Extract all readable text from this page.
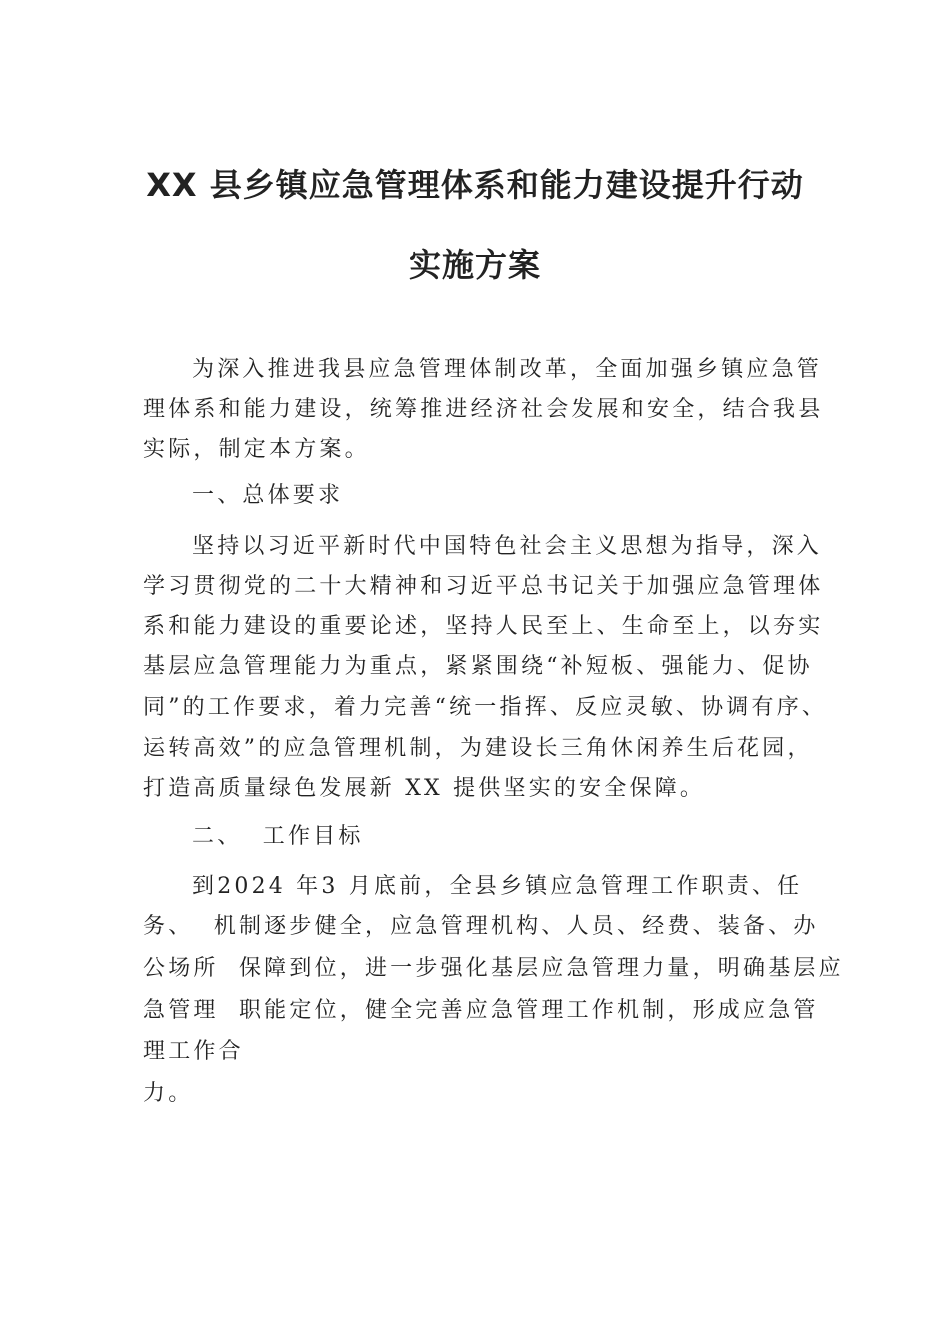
XX 县乡镇应急管理体系和能力建设提升行动
实施方案
为深入推进我县应急管理体制改革，全面加强乡镇应急管
理体系和能力建设，统筹推进经济社会发展和安全，结合我县
实际，制定本方案。
一、总体要求
坚持以习近平新时代中国特色社会主义思想为指导，深入
学习贯彻党的二十大精神和习近平总书记关于加强应急管理体
系和能力建设的重要论述，坚持人民至上、生命至上，以夯实
基层应急管理能力为重点，紧紧围绕“补短板、强能力、促协
同”的工作要求，着力完善“统一指挥、反应灵敏、协调有序、
运转高效”的应急管理机制，为建设长三角休闲养生后花园，
打造高质量绿色发展新 XX 提供坚实的安全保障。
二、  工作目标
到2024 年3 月底前，全县乡镇应急管理工作职责、任
务、  机制逐步健全，应急管理机构、人员、经费、装备、办
公场所  保障到位，进一步强化基层应急管理力量，明确基层应
急管理  职能定位，健全完善应急管理工作机制，形成应急管
理工作合
力。
